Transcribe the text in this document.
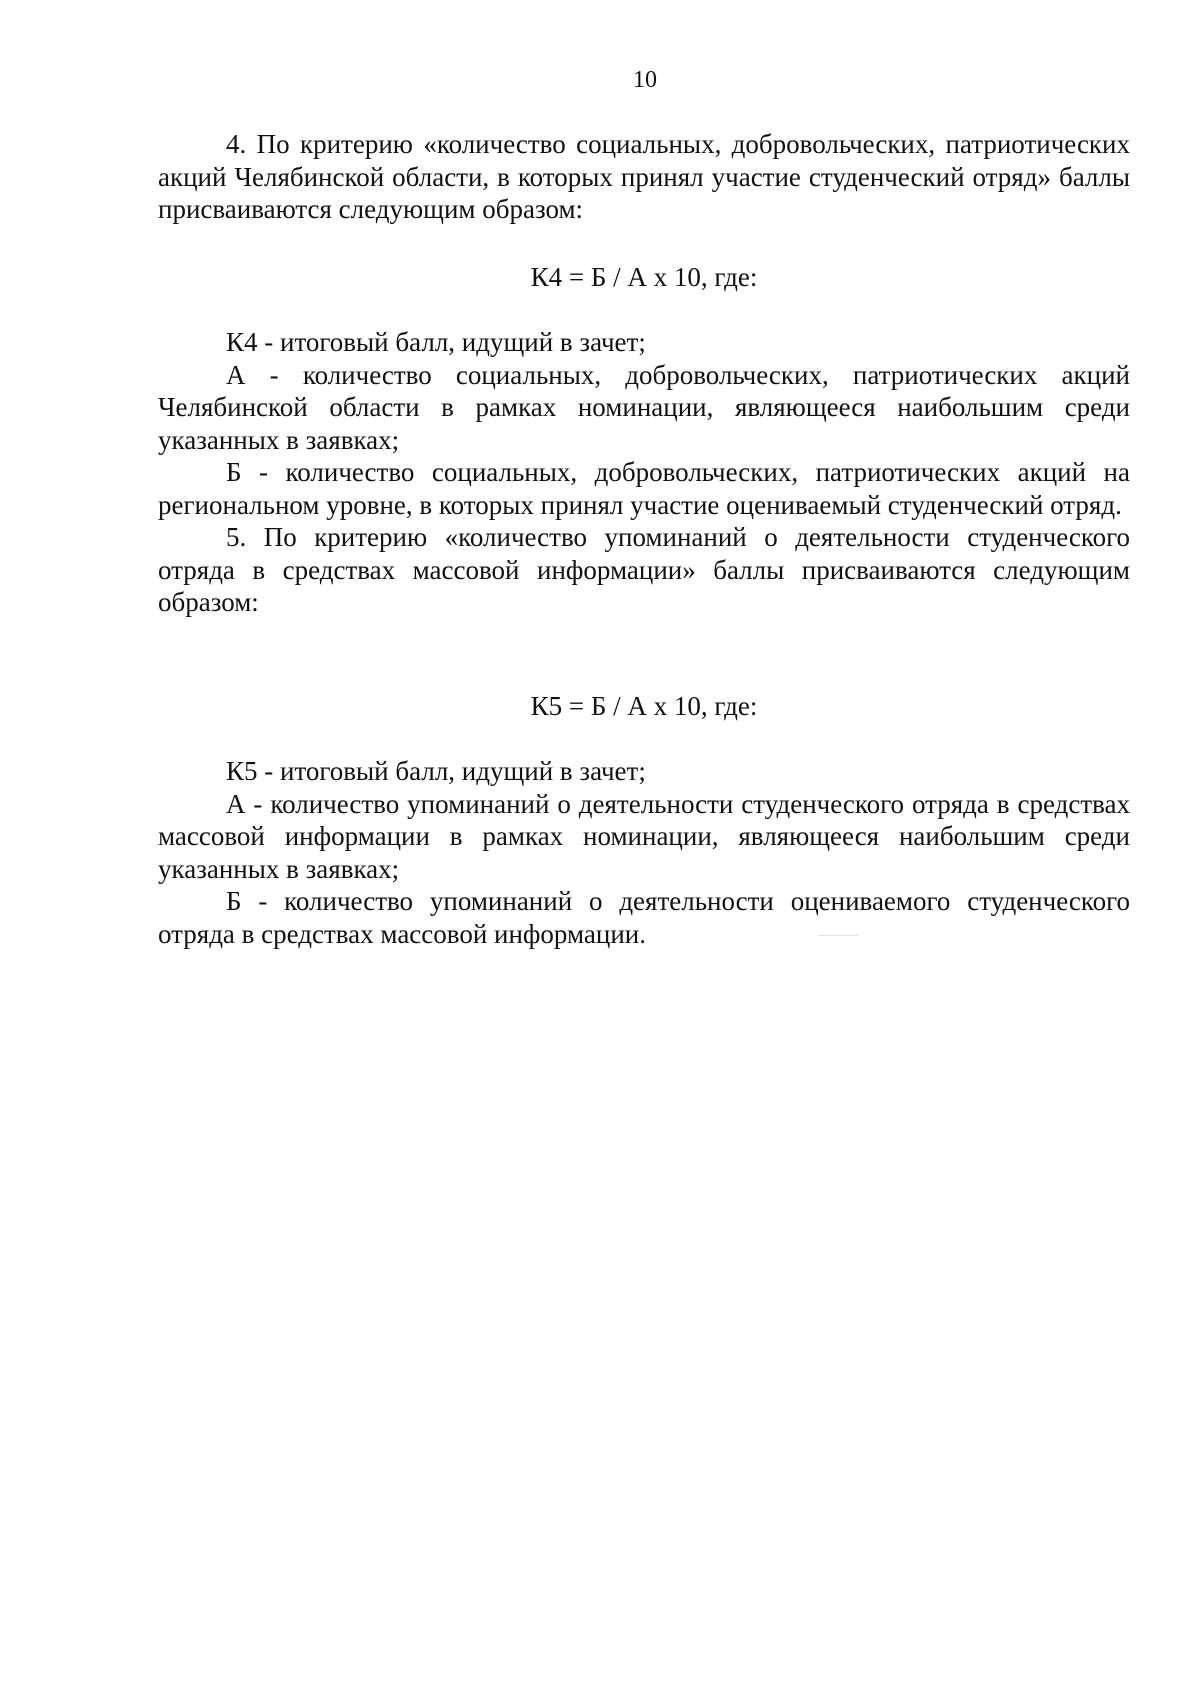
10

4. По критерию «количество социальных, добровольческих, патриотических акций Челябинской области, в которых принял участие студенческий отряд» баллы присваиваются следующим образом:

К4 = Б / А х 10, где:

К4 - итоговый балл, идущий в зачет;

А - количество социальных, добровольческих, патриотических акций Челябинской области в рамках номинации, являющееся наибольшим среди указанных в заявках;

Б - количество социальных, добровольческих, патриотических акций на региональном уровне, в которых принял участие оцениваемый студенческий отряд.

5. По критерию «количество упоминаний о деятельности студенческого отряда в средствах массовой информации» баллы присваиваются следующим образом:

К5 = Б / А х 10, где:

К5 - итоговый балл, идущий в зачет;

А - количество упоминаний о деятельности студенческого отряда в средствах массовой информации в рамках номинации, являющееся наибольшим среди указанных в заявках;

Б - количество упоминаний о деятельности оцениваемого студенческого отряда в средствах массовой информации.
